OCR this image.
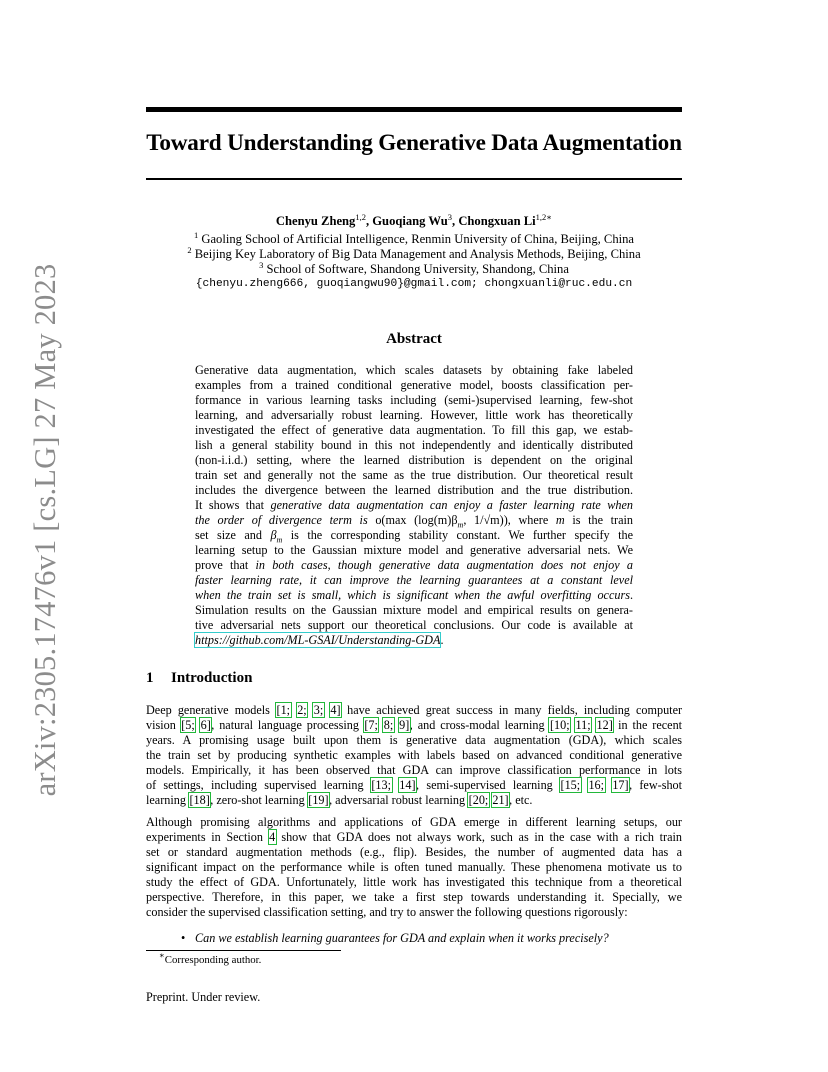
arXiv:2305.17476v1 [cs.LG] 27 May 2023
Toward Understanding Generative Data Augmentation
Chenyu Zheng$^{1,2}$, Guoqiang Wu$^3$, Chongxuan $Li^{1,2∗}$
$^1$ Gaoling School of Artificial Intelligence, Renmin University of China, Beijing, China
$^2$ Beijing Key Laboratory of Big Data Management and Analysis Methods, Beijing, China
$^3$ School of Software, Shandong University, Shandong, China
{chenyu.zheng666, guoqiangwu90}@gmail.com; chongxuanli@ruc.edu.cn
Abstract
Generative data augmentation, which scales datasets by obtaining fake labeled
examples from a trained conditional generative model, boosts classification per-
formance in various learning tasks including (semi-)supervised learning, few-shot
learning, and adversarially robust learning. However, little work has theoretically
investigated the effect of generative data augmentation. To fill this gap, we estab-
lish a general stability bound in this not independently and identically distributed
(non-i.i.d.) setting, where the learned distribution is dependent on the original
train set and generally not the same as the true distribution. Our theoretical result
includes the divergence between the learned distribution and the true distribution.
It shows that generative data augmentation can enjoy a faster learning rate when
the order of divergence term is o(max ($\log(m)\beta_m$, 1/√m)), where m is the train
set size and $\beta_m$ is the corresponding stability constant. We further specify the
learning setup to the Gaussian mixture model and generative adversarial nets. We
prove that in both cases, though generative data augmentation does not enjoy a
faster learning rate, it can improve the learning guarantees at a constant level
when the train set is small, which is significant when the awful overfitting occurs.
Simulation results on the Gaussian mixture model and empirical results on genera-
tive adversarial nets support our theoretical conclusions. Our code is available at
https://github.com/ML-GSAI/Understanding-GDA.
1 Introduction
Deep generative models [1; 2; 3; 4] have achieved great success in many fields, including computer
vision [5; 6], natural language processing [7; 8; 9], and cross-modal learning [10; 11; 12] in the recent
years. A promising usage built upon them is generative data augmentation (GDA), which scales
the train set by producing synthetic examples with labels based on advanced conditional generative
models. Empirically, it has been observed that GDA can improve classification performance in lots
of settings, including supervised learning [13; 14], semi-supervised learning [15; 16; 17], few-shot
learning [18], zero-shot learning [19], adversarial robust learning [20; 21], etc.
Although promising algorithms and applications of GDA emerge in different learning setups, our
experiments in Section 4 show that GDA does not always work, such as in the case with a rich train
set or standard augmentation methods (e.g., flip). Besides, the number of augmented data has a
significant impact on the performance while is often tuned manually. These phenomena motivate us to
study the effect of GDA. Unfortunately, little work has investigated this technique from a theoretical
perspective. Therefore, in this paper, we take a first step towards understanding it. Specially, we
consider the supervised classification setting, and try to answer the following questions rigorously:
• Can we establish learning guarantees for GDA and explain when it works precisely?
∗Corresponding author.
Preprint. Under review.
